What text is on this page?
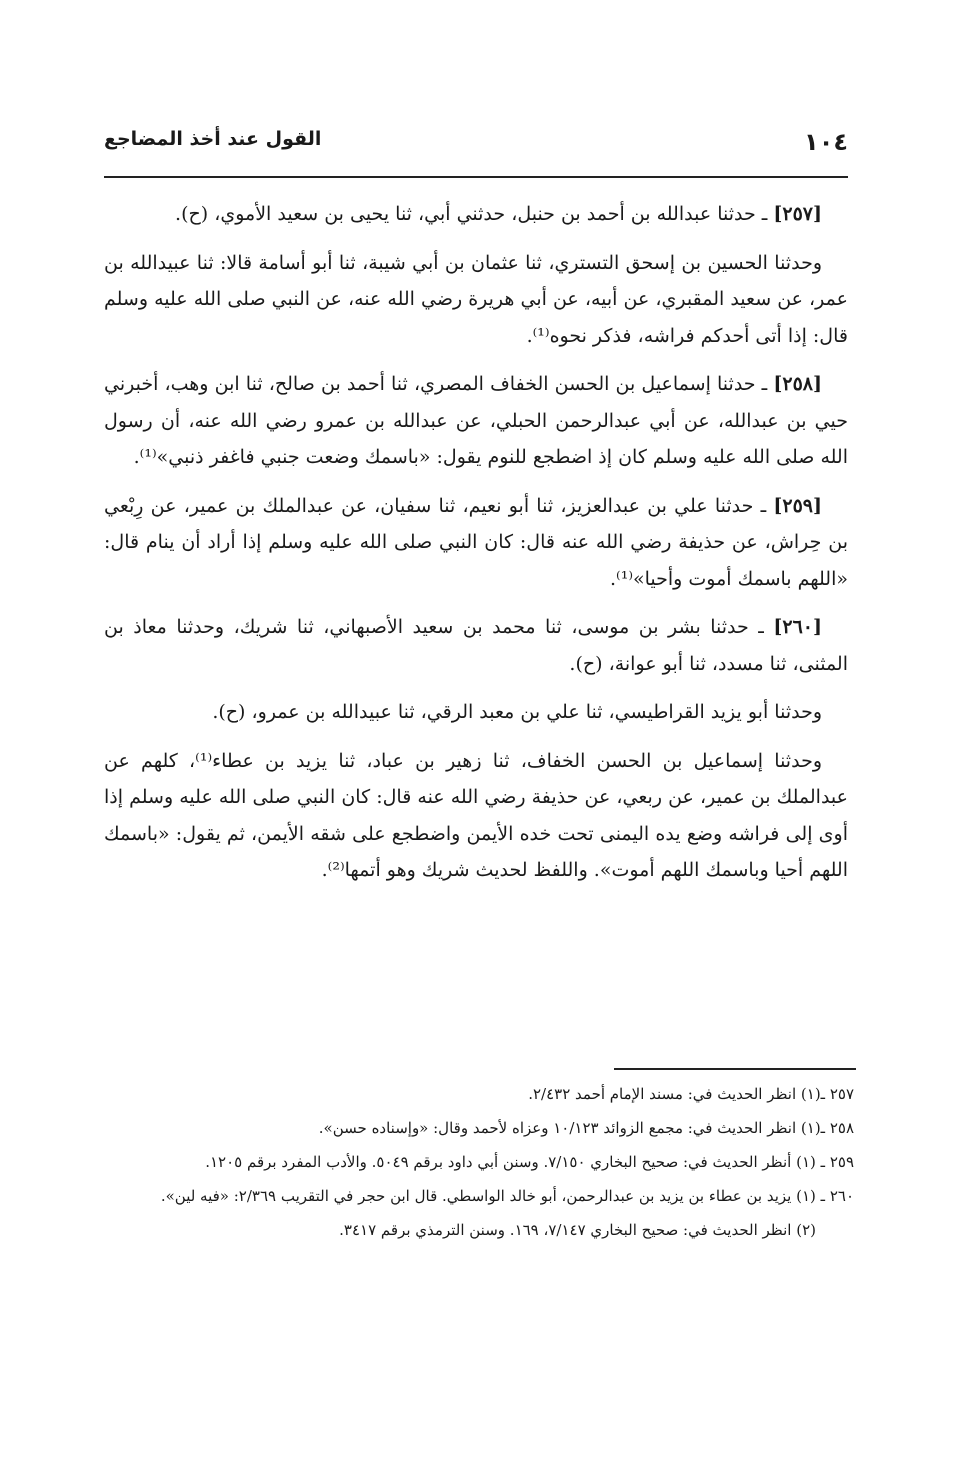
١٠٤
القول عند أخذ المضاجع

[٢٥٧] ـ حدثنا عبدالله بن أحمد بن حنبل، حدثني أبي، ثنا يحيى بن سعيد الأموي، (ح).

وحدثنا الحسين بن إسحق التستري، ثنا عثمان بن أبي شيبة، ثنا أبو أسامة قالا: ثنا عبيدالله بن عمر، عن سعيد المقبري، عن أبيه، عن أبي هريرة رضي الله عنه، عن النبي صلى الله عليه وسلم قال: إذا أتى أحدكم فراشه، فذكر نحوه⁽¹⁾.

[٢٥٨] ـ حدثنا إسماعيل بن الحسن الخفاف المصري، ثنا أحمد بن صالح، ثنا ابن وهب، أخبرني حيي بن عبدالله، عن أبي عبدالرحمن الحبلي، عن عبدالله بن عمرو رضي الله عنه، أن رسول الله صلى الله عليه وسلم كان إذ اضطجع للنوم يقول: «باسمك وضعت جنبي فاغفر ذنبي»⁽¹⁾.

[٢٥٩] ـ حدثنا علي بن عبدالعزيز، ثنا أبو نعيم، ثنا سفيان، عن عبدالملك بن عمير، عن رِبْعي بن حِراش، عن حذيفة رضي الله عنه قال: كان النبي صلى الله عليه وسلم إذا أراد أن ينام قال: «اللهم باسمك أموت وأحيا»⁽¹⁾.

[٢٦٠] ـ حدثنا بشر بن موسى، ثنا محمد بن سعيد الأصبهاني، ثنا شريك، وحدثنا معاذ بن المثنى، ثنا مسدد، ثنا أبو عوانة، (ح).

وحدثنا أبو يزيد القراطيسي، ثنا علي بن معبد الرقي، ثنا عبيدالله بن عمرو، (ح).

وحدثنا إسماعيل بن الحسن الخفاف، ثنا زهير بن عباد، ثنا يزيد بن عطاء⁽¹⁾، كلهم عن عبدالملك بن عمير، عن ربعي، عن حذيفة رضي الله عنه قال: كان النبي صلى الله عليه وسلم إذا أوى إلى فراشه وضع يده اليمنى تحت خده الأيمن واضطجع على شقه الأيمن، ثم يقول: «باسمك اللهم أحيا وباسمك اللهم أموت». واللفظ لحديث شريك وهو أتمها⁽²⁾.

٢٥٧ ـ(١) انظر الحديث في: مسند الإمام أحمد ٢/٤٣٢.
٢٥٨ ـ(١) انظر الحديث في: مجمع الزوائد ١٠/١٢٣ وعزاه لأحمد وقال: «وإسناده حسن».
٢٥٩ ـ (١) أنظر الحديث في: صحيح البخاري ٧/١٥٠. وسنن أبي داود برقم ٥٠٤٩. والأدب المفرد برقم ١٢٠٥.
٢٦٠ ـ (١) يزيد بن عطاء بن يزيد بن عبدالرحمن، أبو خالد الواسطي. قال ابن حجر في التقريب ٢/٣٦٩: «فيه لين».
(٢) انظر الحديث في: صحيح البخاري ٧/١٤٧، ١٦٩. وسنن الترمذي برقم ٣٤١٧.
